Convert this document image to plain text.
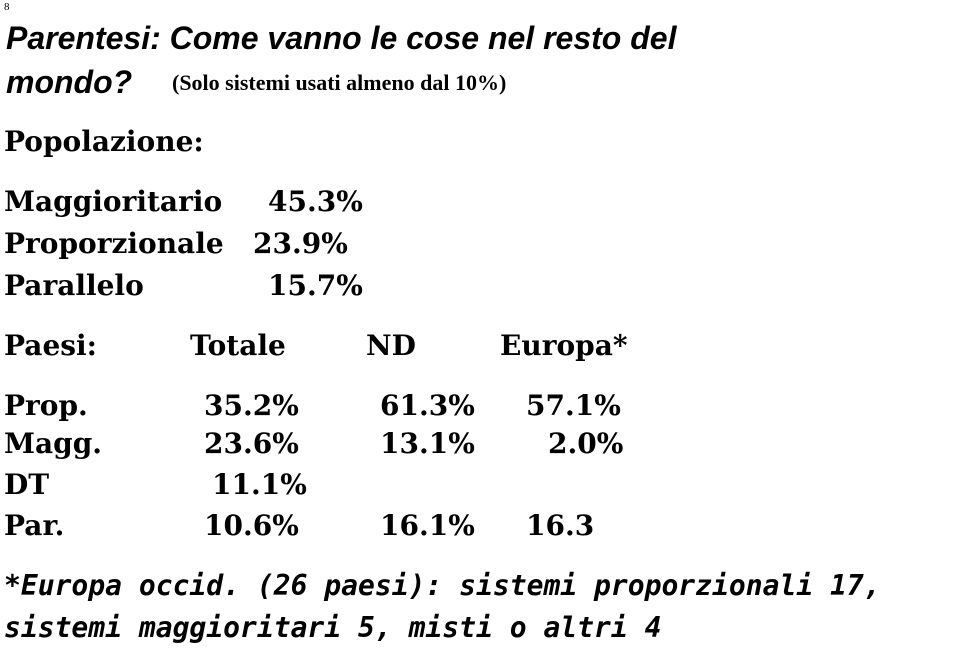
8
Parentesi: Come vanno le cose nel resto del
mondo? (Solo sistemi usati almeno dal 10%)
Popolazione:
Maggioritario 45.3%
Proporzionale 23.9%
Parallelo	15.7%
Paesi:	Totale	ND	Europa*
Prop.	35.2%	61.3% 57.1%
Magg.	23.6%	13.1%	2.0%
DT	11.1%
Par.	10.6%	16.1% 16.3
*Europa occid. (26 paesi): sistemi proporzionali 17,
sistemi maggioritari 5, misti o altri 4
